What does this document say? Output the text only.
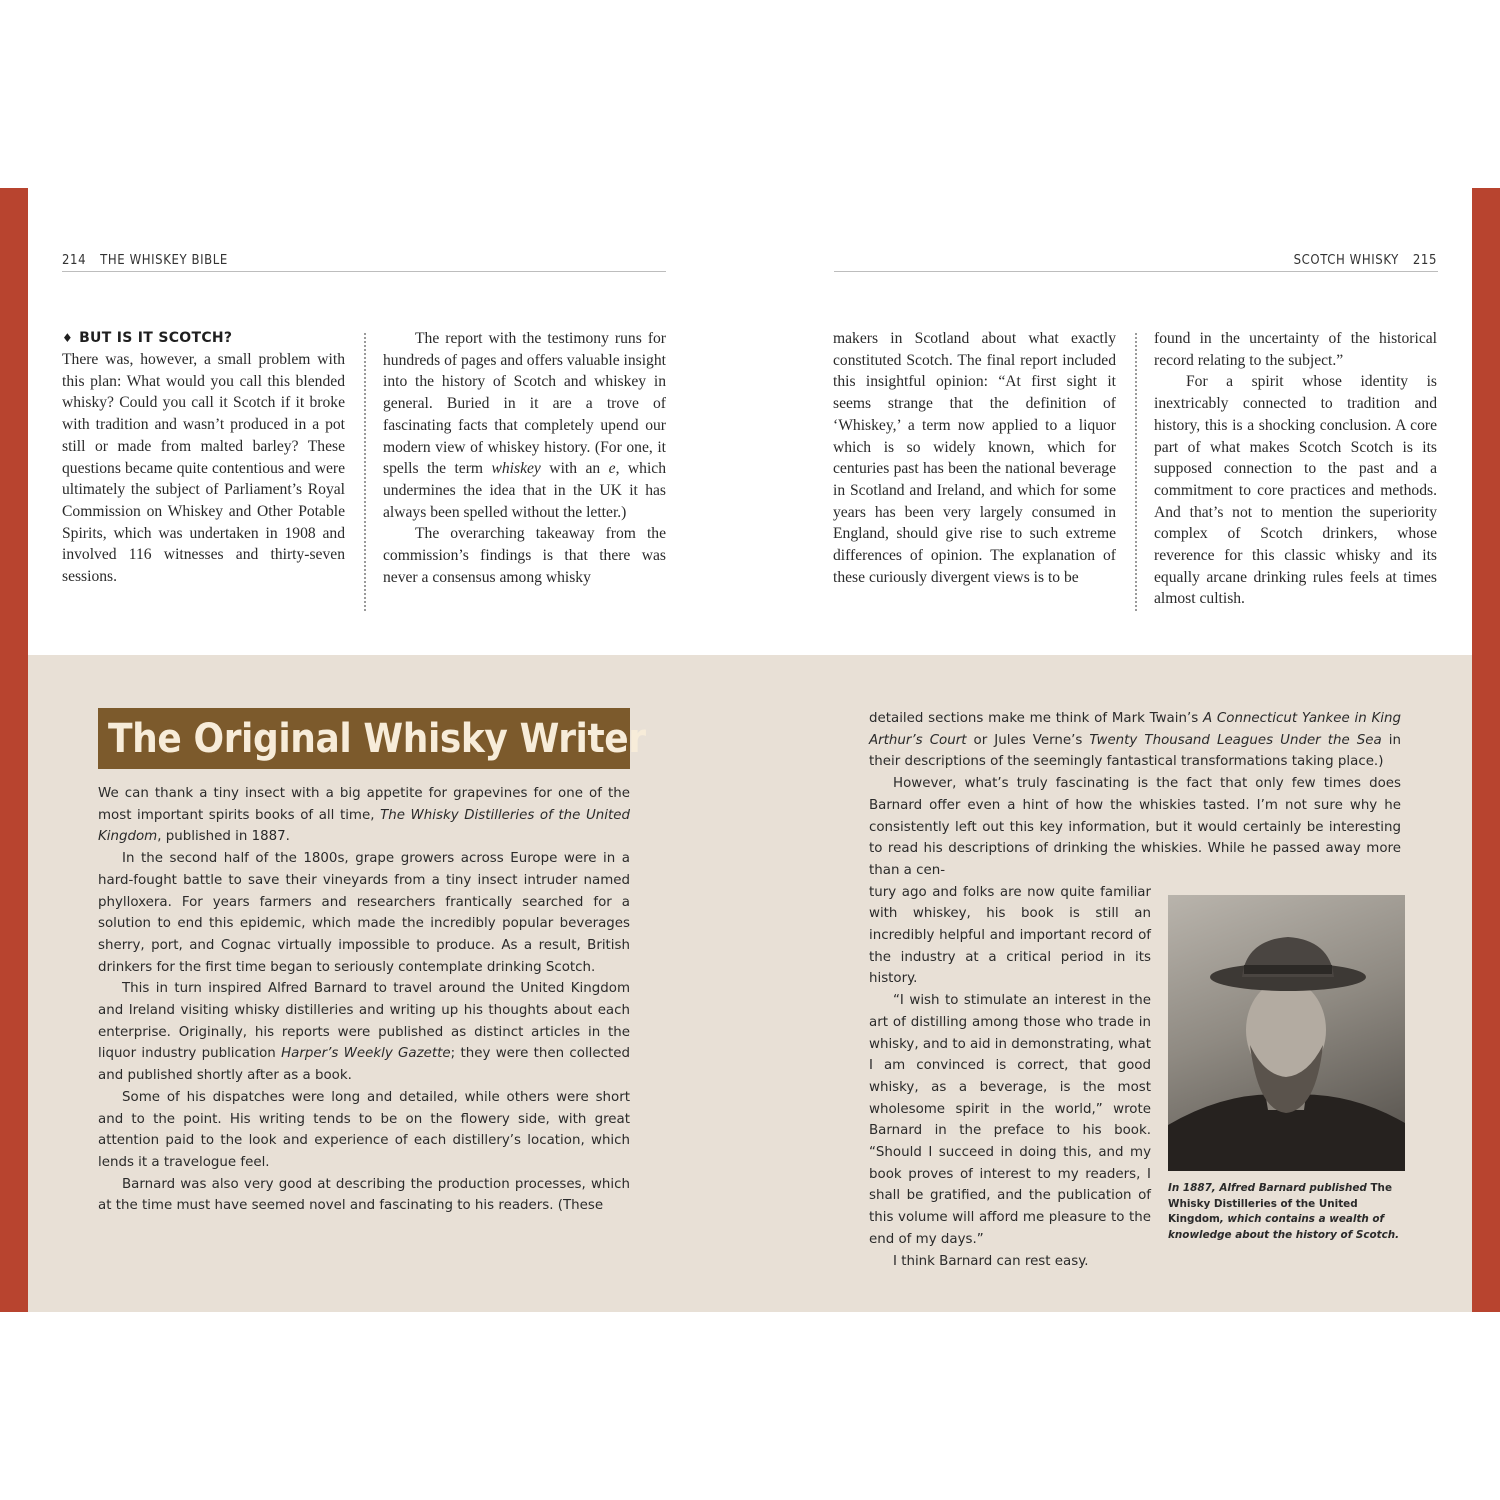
214 THE WHISKEY BIBLE	SCOTCH WHISKY 215
♦ BUT IS IT SCOTCH?

There was, however, a small problem with this plan: What would you call this blended whisky? Could you call it Scotch if it broke with tradition and wasn’t produced in a pot still or made from malted barley? These questions became quite contentious and were ultimately the subject of Parliament’s Royal Commission on Whiskey and Other Potable Spirits, which was undertaken in 1908 and involved 116 witnesses and thirty-seven sessions.

The report with the testimony runs for hundreds of pages and offers valuable insight into the history of Scotch and whiskey in general. Buried in it are a trove of fascinating facts that completely upend our modern view of whiskey history. (For one, it spells the term whiskey with an e, which undermines the idea that in the UK it has always been spelled without the letter.)

The overarching takeaway from the commission’s findings is that there was never a consensus among whisky

makers in Scotland about what exactly constituted Scotch. The final report included this insightful opinion: “At first sight it seems strange that the definition of ‘Whiskey,’ a term now applied to a liquor which is so widely known, which for centuries past has been the national beverage in Scotland and Ireland, and which for some years has been very largely consumed in England, should give rise to such extreme differences of opinion. The explanation of these curiously divergent views is to be

found in the uncertainty of the historical record relating to the subject.”

For a spirit whose identity is inextricably connected to tradition and history, this is a shocking conclusion. A core part of what makes Scotch Scotch is its supposed connection to the past and a commitment to core practices and methods. And that’s not to mention the superiority complex of Scotch drinkers, whose reverence for this classic whisky and its equally arcane drinking rules feels at times almost cultish.

The Original Whisky Writer

We can thank a tiny insect with a big appetite for grapevines for one of the most important spirits books of all time, The Whisky Distilleries of the United Kingdom, published in 1887.

In the second half of the 1800s, grape growers across Europe were in a hard-fought battle to save their vineyards from a tiny insect intruder named phylloxera. For years farmers and researchers frantically searched for a solution to end this epidemic, which made the incredibly popular beverages sherry, port, and Cognac virtually impossible to produce. As a result, British drinkers for the first time began to seriously contemplate drinking Scotch.

This in turn inspired Alfred Barnard to travel around the United Kingdom and Ireland visiting whisky distilleries and writing up his thoughts about each enterprise. Originally, his reports were published as distinct articles in the liquor industry publication Harper’s Weekly Gazette; they were then collected and published shortly after as a book.

Some of his dispatches were long and detailed, while others were short and to the point. His writing tends to be on the flowery side, with great attention paid to the look and experience of each distillery’s location, which lends it a travelogue feel.

Barnard was also very good at describing the production processes, which at the time must have seemed novel and fascinating to his readers. (These

detailed sections make me think of Mark Twain’s A Connecticut Yankee in King Arthur’s Court or Jules Verne’s Twenty Thousand Leagues Under the Sea in their descriptions of the seemingly fantastical transformations taking place.)

However, what’s truly fascinating is the fact that only few times does Barnard offer even a hint of how the whiskies tasted. I’m not sure why he consistently left out this key information, but it would certainly be interesting to read his descriptions of drinking the whiskies. While he passed away more than a cen-

tury ago and folks are now quite familiar with whiskey, his book is still an incredibly helpful and important record of the industry at a critical period in its history.

“I wish to stimulate an interest in the art of distilling among those who trade in whisky, and to aid in demonstrating, what I am convinced is correct, that good whisky, as a beverage, is the most wholesome spirit in the world,” wrote Barnard in the preface to his book. “Should I succeed in doing this, and my book proves of interest to my readers, I shall be gratified, and the publication of this volume will afford me pleasure to the end of my days.”

I think Barnard can rest easy.

In 1887, Alfred Barnard published The Whisky Distilleries of the United Kingdom, which contains a wealth of knowledge about the history of Scotch.
